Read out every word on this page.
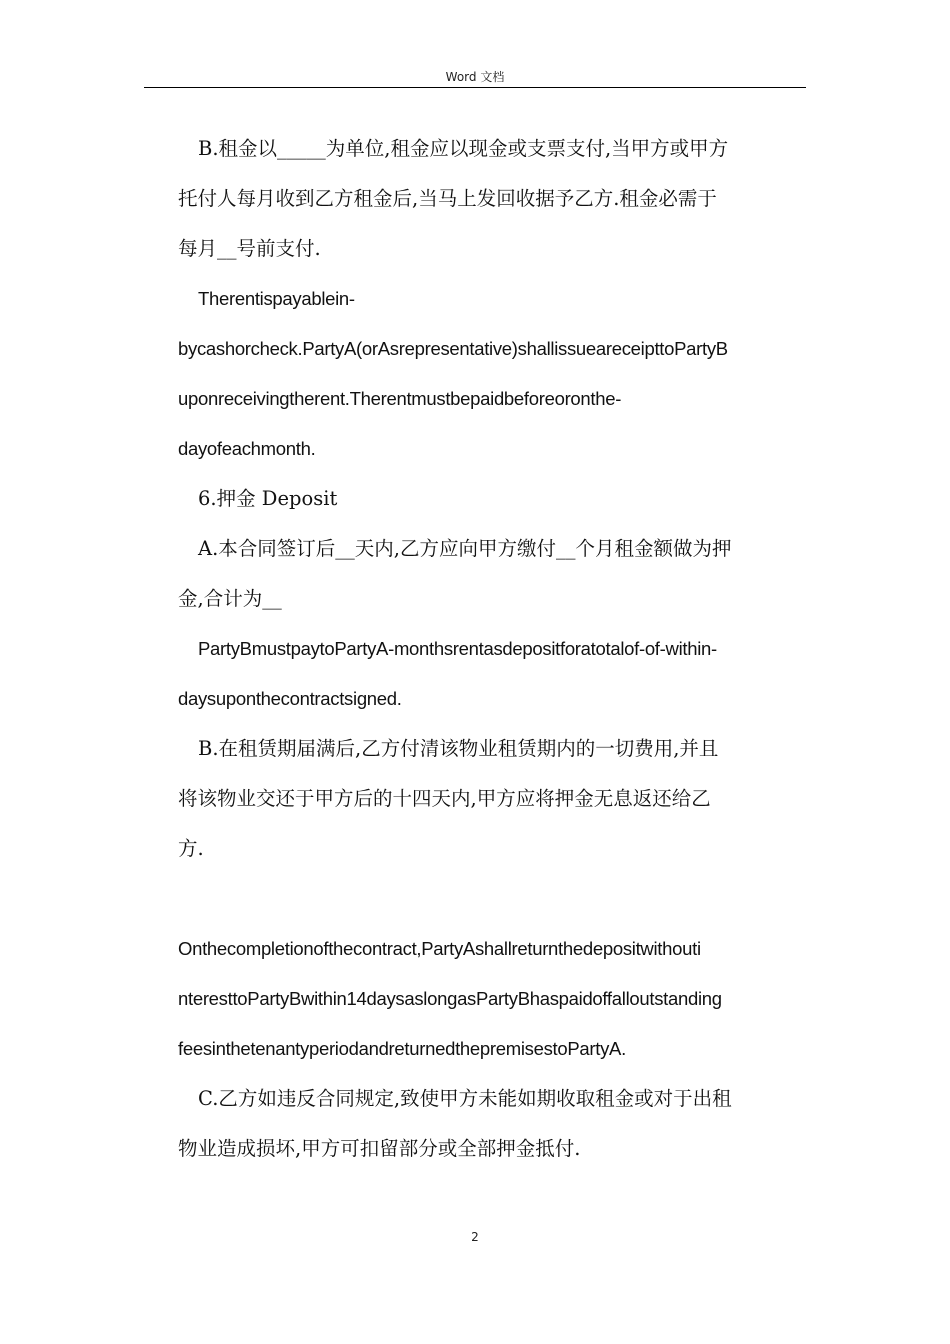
Word 文档
B.租金以_____为单位,租金应以现金或支票支付,当甲方或甲方
托付人每月收到乙方租金后,当马上发回收据予乙方.租金必需于
每月__号前支付.
Therentispayablein-
bycashorcheck.PartyA(orAsrepresentative)shallissueareceipttoPartyB
uponreceivingtherent.Therentmustbepaidbeforeoronthe-
dayofeachmonth.
6.押金 Deposit
A.本合同签订后__天内,乙方应向甲方缴付__个月租金额做为押
金,合计为__
PartyBmustpaytoPartyA-monthsrentasdepositforatotalof-of-within-
daysuponthecontractsigned.
B.在租赁期届满后,乙方付清该物业租赁期内的一切费用,并且
将该物业交还于甲方后的十四天内,甲方应将押金无息返还给乙
方.
Onthecompletionofthecontract,PartyAshallreturnthedepositwithouti
nteresttoPartyBwithin14daysaslongasPartyBhaspaidoffalloutstanding
feesinthetenantyperiodandreturnedthepremisestoPartyA.
C.乙方如违反合同规定,致使甲方未能如期收取租金或对于出租
物业造成损坏,甲方可扣留部分或全部押金抵付.
2
